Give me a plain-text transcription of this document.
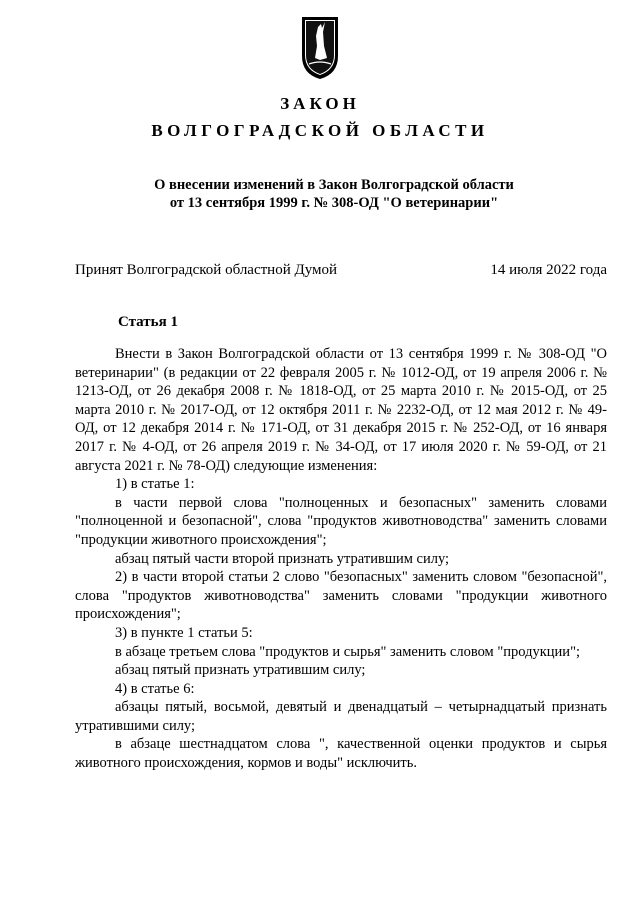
ЗАКОН
ВОЛГОГРАДСКОЙ ОБЛАСТИ
О внесении изменений в Закон Волгоградской области
от 13 сентября 1999 г. № 308-ОД "О ветеринарии"
Принят Волгоградской областной Думой	14 июля 2022 года
Статья 1

Внести в Закон Волгоградской области от 13 сентября 1999 г. № 308-ОД "О ветеринарии" (в редакции от 22 февраля 2005 г. № 1012-ОД, от 19 апреля 2006 г. № 1213-ОД, от 26 декабря 2008 г. № 1818-ОД, от 25 марта 2010 г. № 2015-ОД, от 25 марта 2010 г. № 2017-ОД, от 12 октября 2011 г. № 2232-ОД, от 12 мая 2012 г. № 49-ОД, от 12 декабря 2014 г. № 171-ОД, от 31 декабря 2015 г. № 252-ОД, от 16 января 2017 г. № 4-ОД, от 26 апреля 2019 г. № 34-ОД, от 17 июля 2020 г. № 59-ОД, от 21 августа 2021 г. № 78-ОД) следующие изменения:

1) в статье 1:

в части первой слова "полноценных и безопасных" заменить словами "полноценной и безопасной", слова "продуктов животноводства" заменить словами "продукции животного происхождения";

абзац пятый части второй признать утратившим силу;

2) в части второй статьи 2 слово "безопасных" заменить словом "безопасной", слова "продуктов животноводства" заменить словами "продукции животного происхождения";

3) в пункте 1 статьи 5:

в абзаце третьем слова "продуктов и сырья" заменить словом "продукции";

абзац пятый признать утратившим силу;

4) в статье 6:

абзацы пятый, восьмой, девятый и двенадцатый – четырнадцатый признать утратившими силу;

в абзаце шестнадцатом слова ", качественной оценки продуктов и сырья животного происхождения, кормов и воды" исключить.
